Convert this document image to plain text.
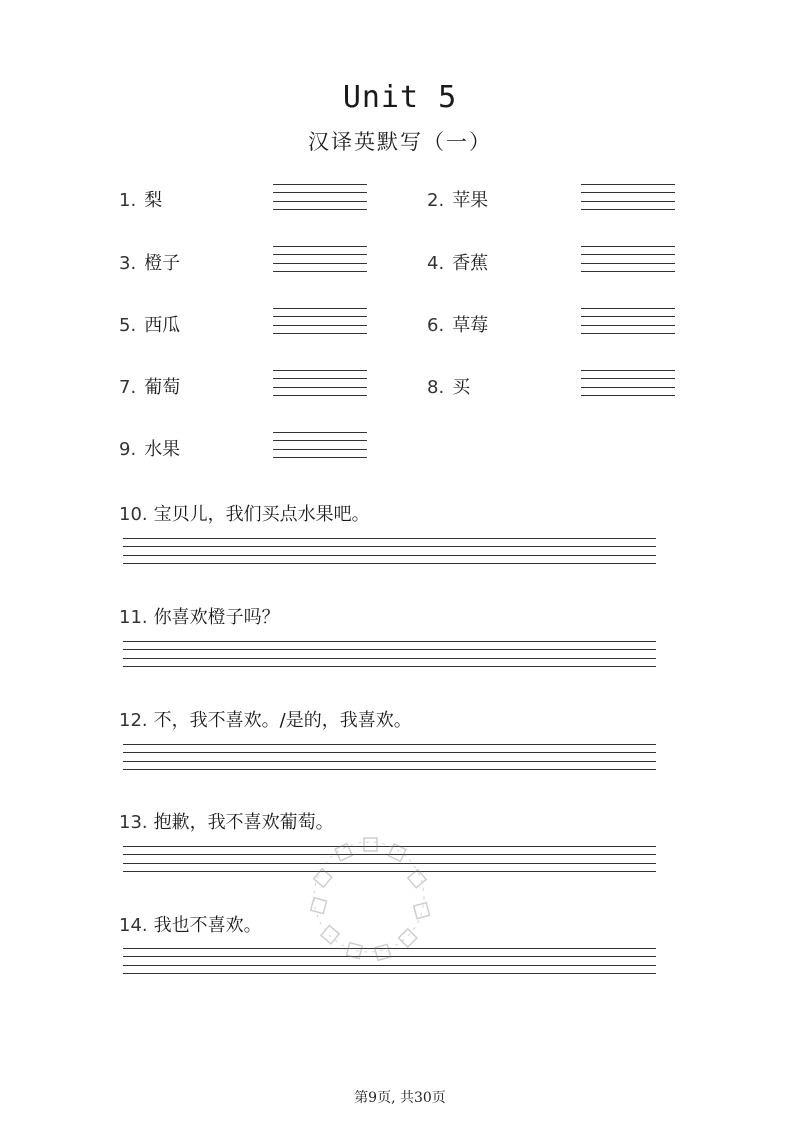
Unit 5
汉译英默写（一）
1. 梨	2. 苹果
3. 橙子	4. 香蕉
5. 西瓜	6. 草莓
7. 葡萄	8. 买
9. 水果
10. 宝贝儿，我们买点水果吧。
11. 你喜欢橙子吗？
12. 不，我不喜欢。/是的，我喜欢。
13. 抱歉，我不喜欢葡萄。
14. 我也不喜欢。
第9页, 共30页
